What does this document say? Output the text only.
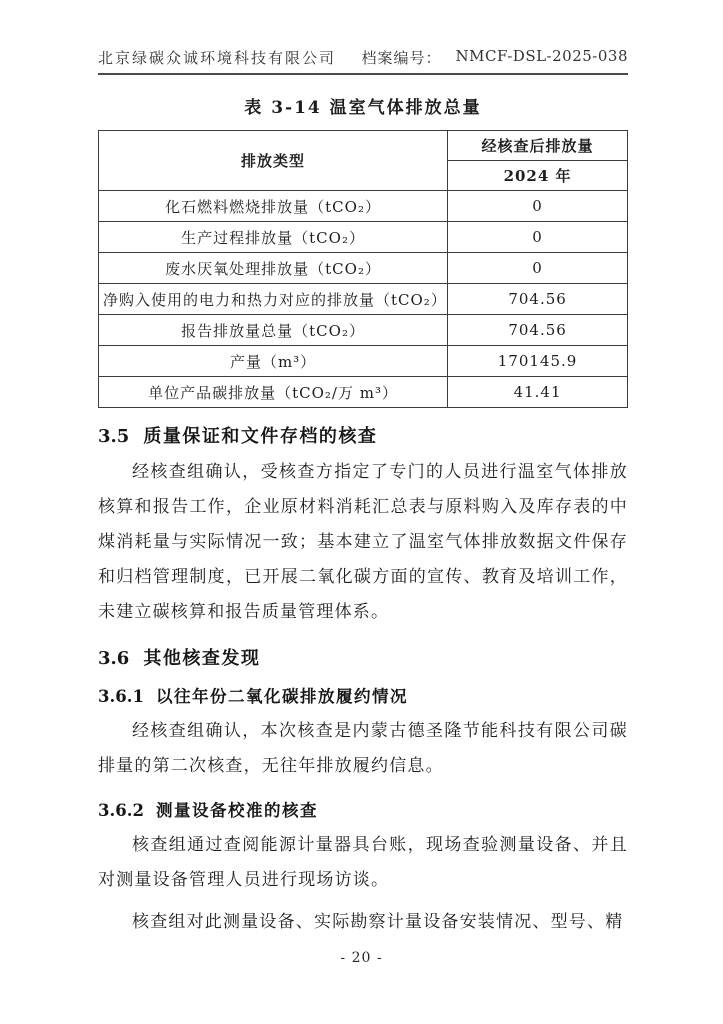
北京绿碳众诚环境科技有限公司 档案编号： NMCF-DSL-2025-038
表 3-14 温室气体排放总量
排放类型	经核查后排放量
	2024 年
化石燃料燃烧排放量（tCO₂）	0
生产过程排放量（tCO₂）	0
废水厌氧处理排放量（tCO₂）	0
净购入使用的电力和热力对应的排放量（tCO₂）	704.56
报告排放量总量（tCO₂）	704.56
产量（m³）	170145.9
单位产品碳排放量（tCO₂/万 m³）	41.41
3.5 质量保证和文件存档的核查

经核查组确认，受核查方指定了专门的人员进行温室气体排放核算和报告工作，企业原材料消耗汇总表与原料购入及库存表的中煤消耗量与实际情况一致；基本建立了温室气体排放数据文件保存和归档管理制度，已开展二氧化碳方面的宣传、教育及培训工作，未建立碳核算和报告质量管理体系。

3.6 其他核查发现
3.6.1 以往年份二氧化碳排放履约情况

经核查组确认，本次核查是内蒙古德圣隆节能科技有限公司碳排量的第二次核查，无往年排放履约信息。

3.6.2 测量设备校准的核查

核查组通过查阅能源计量器具台账，现场查验测量设备、并且对测量设备管理人员进行现场访谈。

核查组对此测量设备、实际勘察计量设备安装情况、型号、精

- 20 -
